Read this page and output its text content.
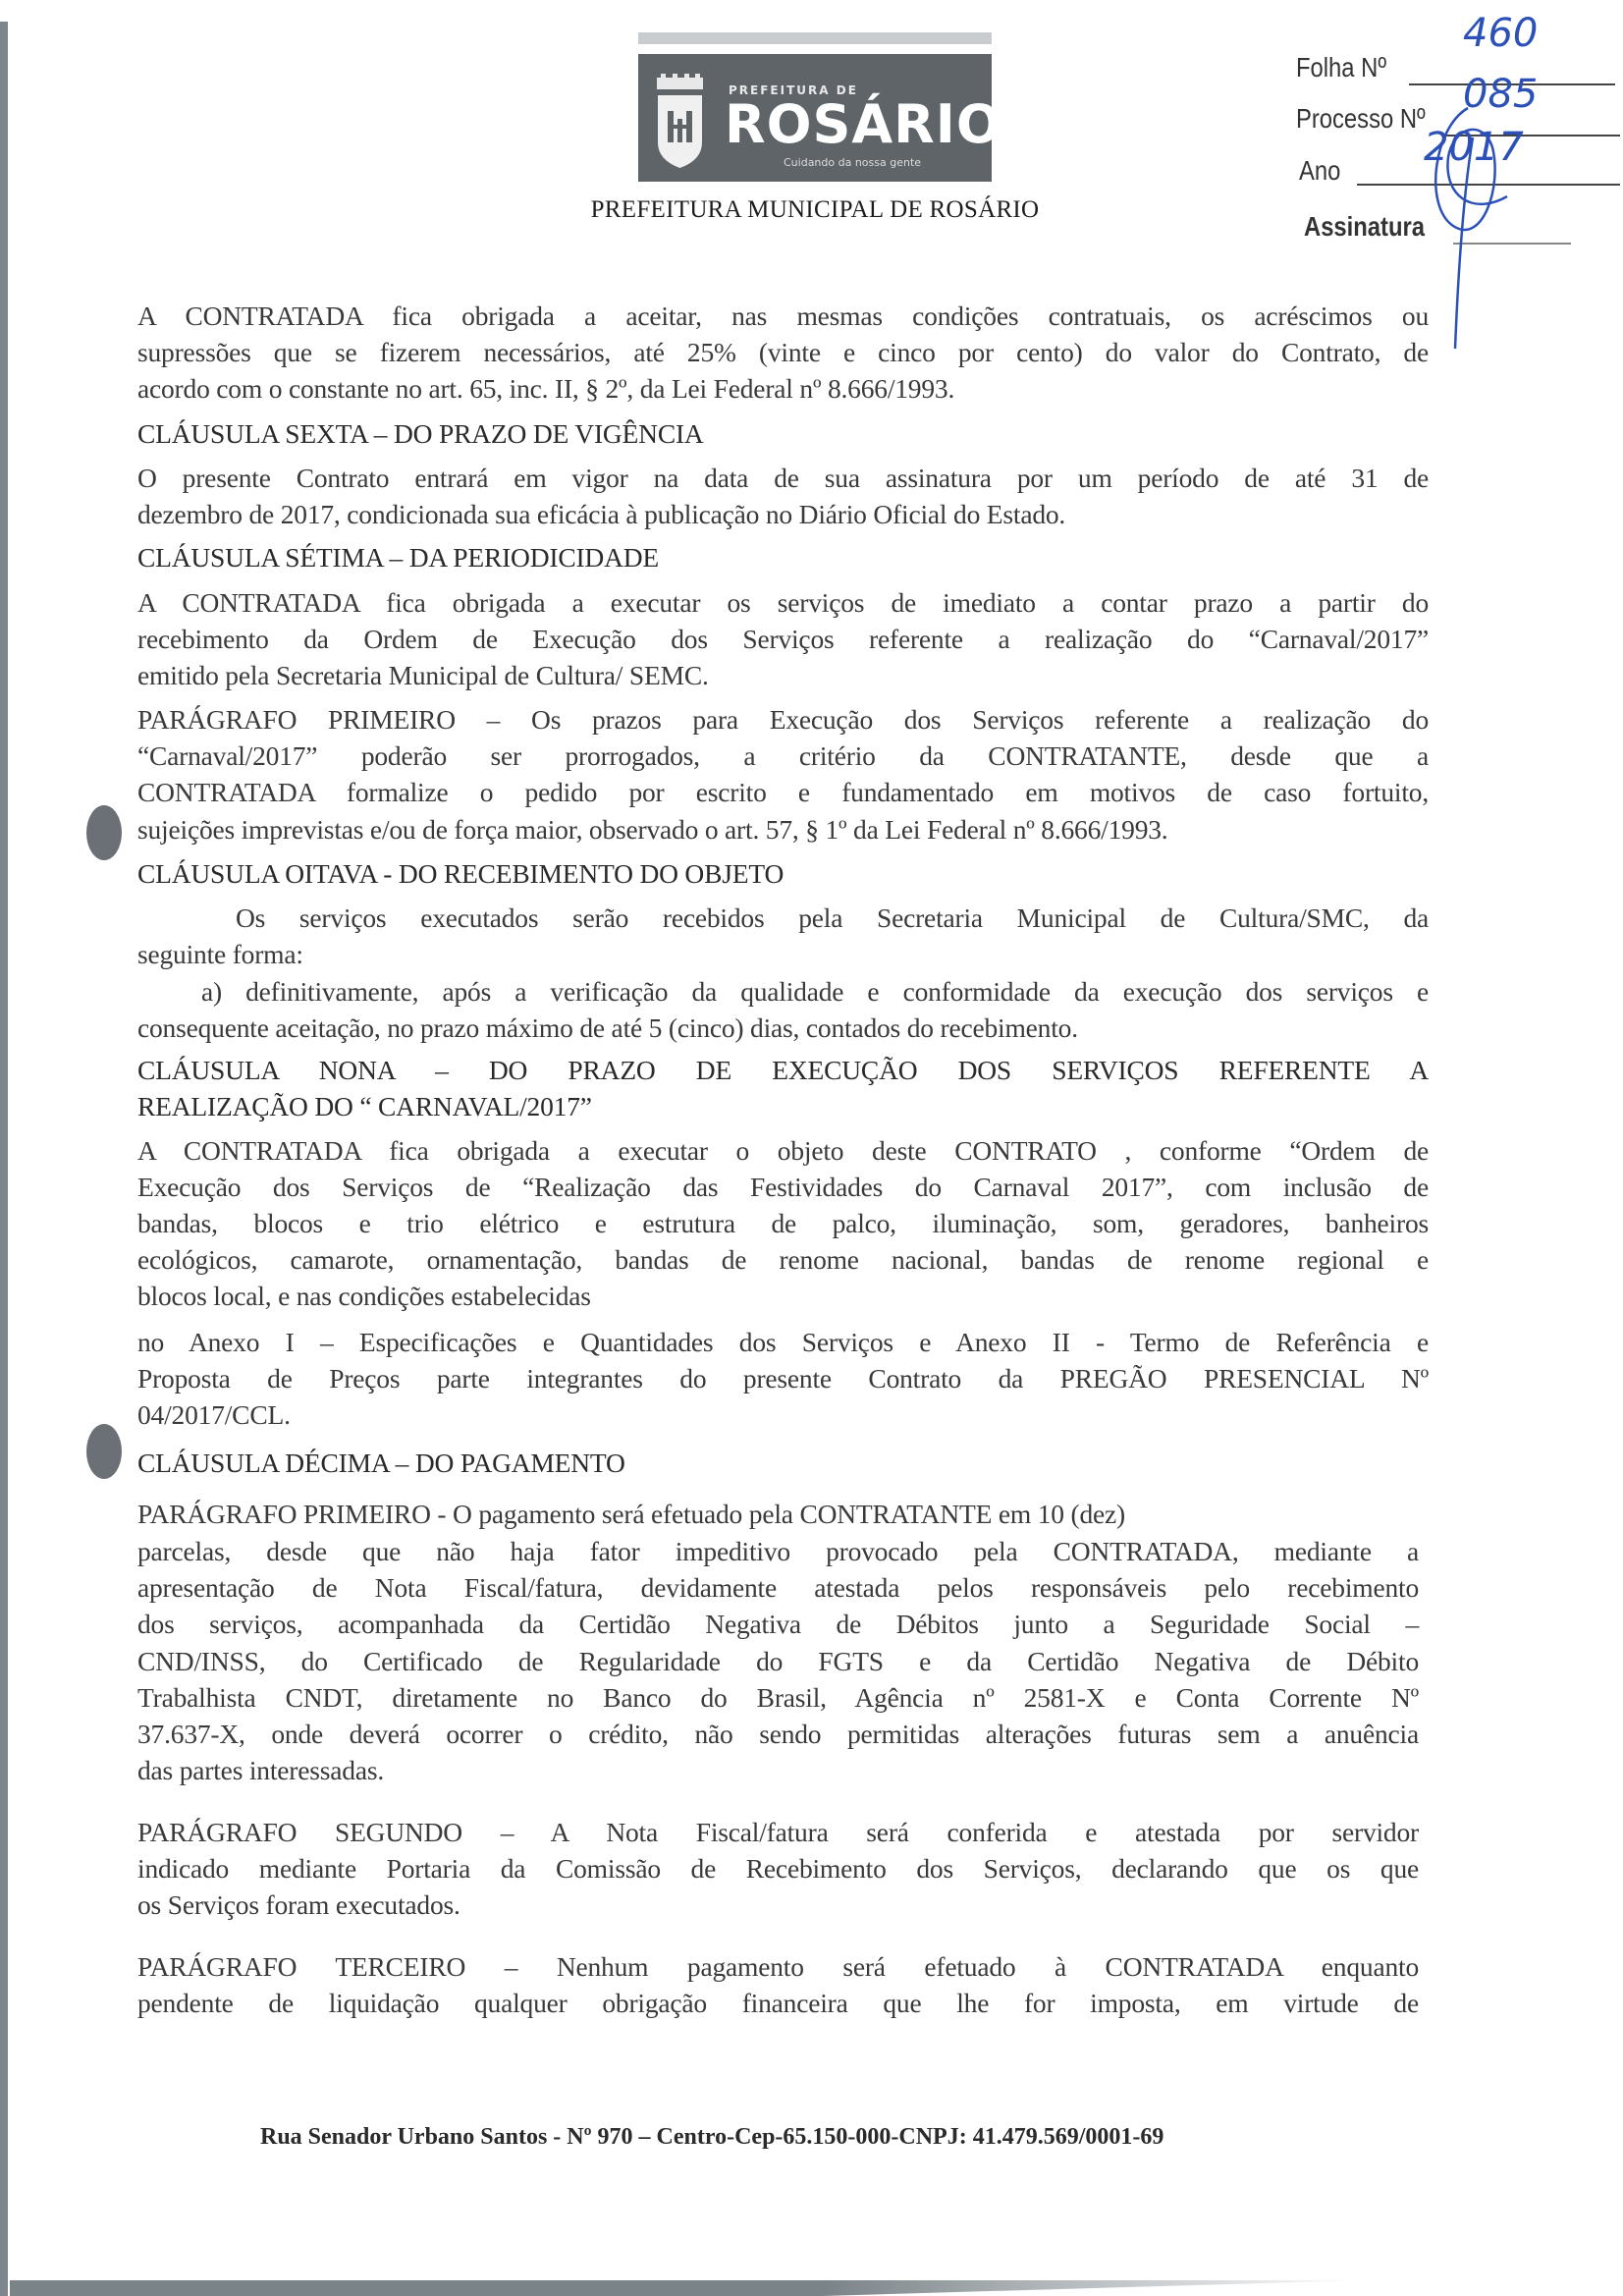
PREFEITURA DE
ROSÁRIO
Cuidando da nossa gente
PREFEITURA MUNICIPAL DE ROSÁRIO
Folha Nº
460
Processo Nº
085
Ano
2017
Assinatura
A CONTRATADA fica obrigada a aceitar, nas mesmas condições contratuais, os acréscimos ou
supressões que se fizerem necessários, até 25% (vinte e cinco por cento) do valor do Contrato, de
acordo com o constante no art. 65, inc. II, § 2º, da Lei Federal nº 8.666/1993.
CLÁUSULA SEXTA – DO PRAZO DE VIGÊNCIA
O presente Contrato entrará em vigor na data de sua assinatura por um período de até 31 de
dezembro de 2017, condicionada sua eficácia à publicação no Diário Oficial do Estado.
CLÁUSULA SÉTIMA – DA PERIODICIDADE
A CONTRATADA fica obrigada a executar os serviços de imediato a contar prazo a partir do
recebimento da Ordem de Execução dos Serviços referente a realização do “Carnaval/2017”
emitido pela Secretaria Municipal de Cultura/ SEMC.
PARÁGRAFO PRIMEIRO – Os prazos para Execução dos Serviços referente a realização do
“Carnaval/2017” poderão ser prorrogados, a critério da CONTRATANTE, desde que a
CONTRATADA formalize o pedido por escrito e fundamentado em motivos de caso fortuito,
sujeições imprevistas e/ou de força maior, observado o art. 57, § 1º da Lei Federal nº 8.666/1993.
CLÁUSULA OITAVA - DO RECEBIMENTO DO OBJETO
Os serviços executados serão recebidos pela Secretaria Municipal de Cultura/SMC, da
seguinte forma:
a) definitivamente, após a verificação da qualidade e conformidade da execução dos serviços e
consequente aceitação, no prazo máximo de até 5 (cinco) dias, contados do recebimento.
CLÁUSULA NONA – DO PRAZO DE EXECUÇÃO DOS SERVIÇOS REFERENTE A
REALIZAÇÃO DO “ CARNAVAL/2017”
A CONTRATADA fica obrigada a executar o objeto deste CONTRATO , conforme “Ordem de
Execução dos Serviços de “Realização das Festividades do Carnaval 2017”, com inclusão de
bandas, blocos e trio elétrico e estrutura de palco, iluminação, som, geradores, banheiros
ecológicos, camarote, ornamentação, bandas de renome nacional, bandas de renome regional e
blocos local, e nas condições estabelecidas
no Anexo I – Especificações e Quantidades dos Serviços e Anexo II - Termo de Referência e
Proposta de Preços parte integrantes do presente Contrato da PREGÃO PRESENCIAL Nº
04/2017/CCL.
CLÁUSULA DÉCIMA – DO PAGAMENTO
PARÁGRAFO PRIMEIRO - O pagamento será efetuado pela CONTRATANTE em 10 (dez)
parcelas, desde que não haja fator impeditivo provocado pela CONTRATADA, mediante a
apresentação de Nota Fiscal/fatura, devidamente atestada pelos responsáveis pelo recebimento
dos serviços, acompanhada da Certidão Negativa de Débitos junto a Seguridade Social –
CND/INSS, do Certificado de Regularidade do FGTS e da Certidão Negativa de Débito
Trabalhista CNDT, diretamente no Banco do Brasil, Agência nº 2581-X e Conta Corrente Nº
37.637-X, onde deverá ocorrer o crédito, não sendo permitidas alterações futuras sem a anuência
das partes interessadas.
PARÁGRAFO SEGUNDO – A Nota Fiscal/fatura será conferida e atestada por servidor
indicado mediante Portaria da Comissão de Recebimento dos Serviços, declarando que os que
os Serviços foram executados.
PARÁGRAFO TERCEIRO – Nenhum pagamento será efetuado à CONTRATADA enquanto
pendente de liquidação qualquer obrigação financeira que lhe for imposta, em virtude de
Rua Senador Urbano Santos - Nº 970 – Centro-Cep-65.150-000-CNPJ: 41.479.569/0001-69
